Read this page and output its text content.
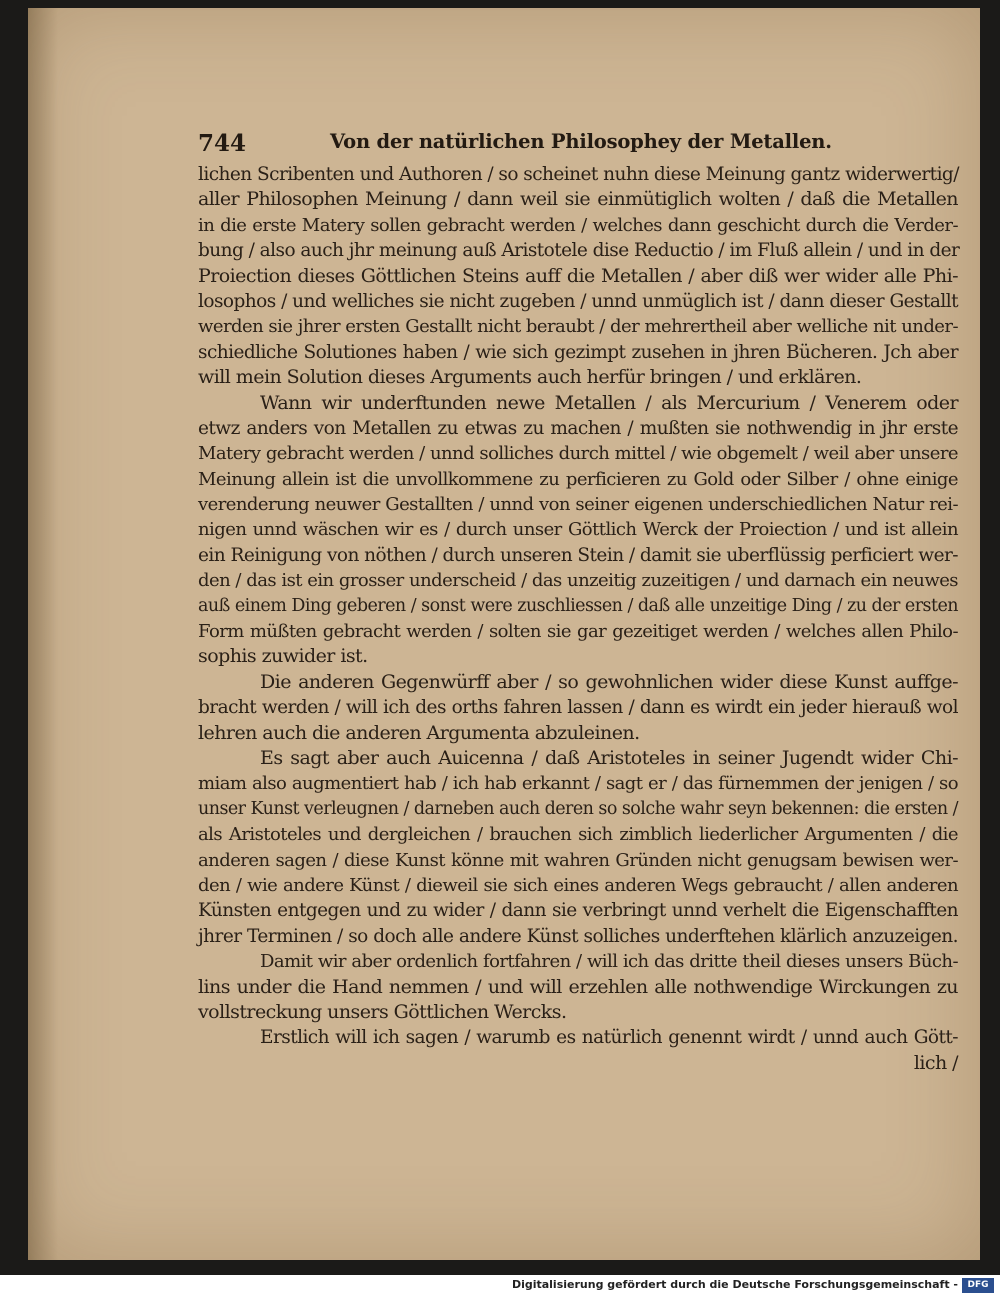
744	Von der natürlichen Philosophey der Metallen.
lichen Scribenten und Authoren / so scheinet nuhn diese Meinung gantz widerwertig/
aller Philosophen Meinung / dann weil sie einmütiglich wolten / daß die Metallen
in die erste Matery sollen gebracht werden / welches dann geschicht durch die Verder-
bung / also auch jhr meinung auß Aristotele dise Reductio / im Fluß allein / und in der
Proiection dieses Göttlichen Steins auff die Metallen / aber diß wer wider alle Phi-
losophos / und welliches sie nicht zugeben / unnd unmüglich ist / dann dieser Gestallt
werden sie jhrer ersten Gestallt nicht beraubt / der mehrertheil aber welliche nit under-
schiedliche Solutiones haben / wie sich gezimpt zusehen in jhren Bücheren. Jch aber
will mein Solution dieses Arguments auch herfür bringen / und erklären.
Wann wir underftunden newe Metallen / als Mercurium / Venerem oder
etwz anders von Metallen zu etwas zu machen / mußten sie nothwendig in jhr erste
Matery gebracht werden / unnd solliches durch mittel / wie obgemelt / weil aber unsere
Meinung allein ist die unvollkommene zu perficieren zu Gold oder Silber / ohne einige
verenderung neuwer Gestallten / unnd von seiner eigenen underschiedlichen Natur rei-
nigen unnd wäschen wir es / durch unser Göttlich Werck der Proiection / und ist allein
ein Reinigung von nöthen / durch unseren Stein / damit sie uberflüssig perficiert wer-
den / das ist ein grosser underscheid / das unzeitig zuzeitigen / und darnach ein neuwes
auß einem Ding geberen / sonst were zuschliessen / daß alle unzeitige Ding / zu der ersten
Form müßten gebracht werden / solten sie gar gezeitiget werden / welches allen Philo-
sophis zuwider ist.
Die anderen Gegenwürff aber / so gewohnlichen wider diese Kunst auffge-
bracht werden / will ich des orths fahren lassen / dann es wirdt ein jeder hierauß wol
lehren auch die anderen Argumenta abzuleinen.
Es sagt aber auch Auicenna / daß Aristoteles in seiner Jugendt wider Chi-
miam also augmentiert hab / ich hab erkannt / sagt er / das fürnemmen der jenigen / so
unser Kunst verleugnen / darneben auch deren so solche wahr seyn bekennen: die ersten /
als Aristoteles und dergleichen / brauchen sich zimblich liederlicher Argumenten / die
anderen sagen / diese Kunst könne mit wahren Gründen nicht genugsam bewisen wer-
den / wie andere Künst / dieweil sie sich eines anderen Wegs gebraucht / allen anderen
Künsten entgegen und zu wider / dann sie verbringt unnd verhelt die Eigenschafften
jhrer Terminen / so doch alle andere Künst solliches underftehen klärlich anzuzeigen.
Damit wir aber ordenlich fortfahren / will ich das dritte theil dieses unsers Büch-
lins under die Hand nemmen / und will erzehlen alle nothwendige Wirckungen zu
vollstreckung unsers Göttlichen Wercks.
Erstlich will ich sagen / warumb es natürlich genennt wirdt / unnd auch Gött-
lich /
Digitalisierung gefördert durch die Deutsche Forschungsgemeinschaft -	DFG
